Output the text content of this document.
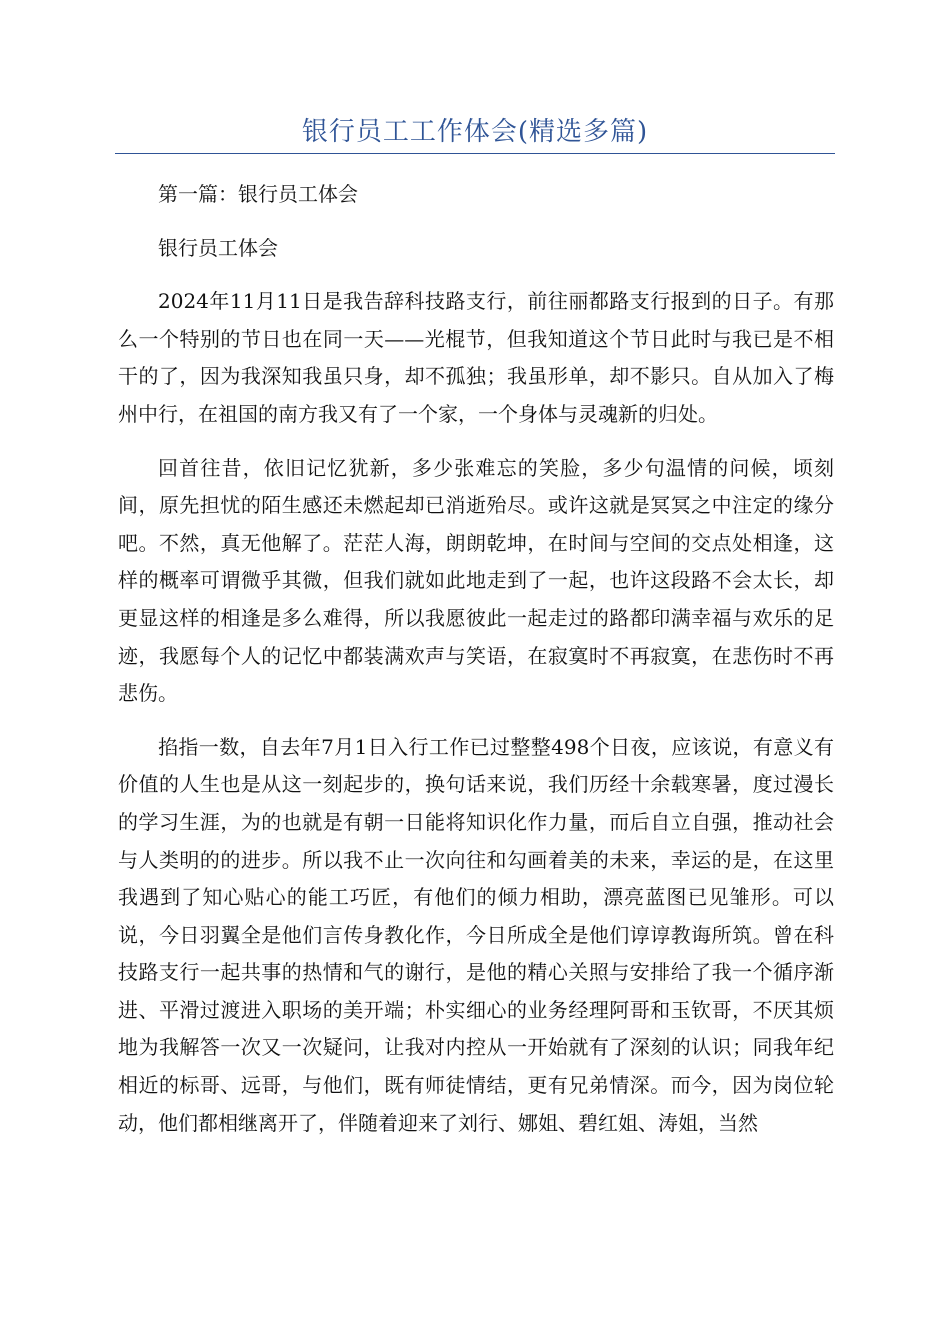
银行员工工作体会(精选多篇)

第一篇：银行员工体会

银行员工体会

2024年11月11日是我告辞科技路支行，前往丽都路支行报到的日子。有那么一个特别的节日也在同一天——光棍节，但我知道这个节日此时与我已是不相干的了，因为我深知我虽只身，却不孤独；我虽形单，却不影只。自从加入了梅州中行，在祖国的南方我又有了一个家，一个身体与灵魂新的归处。

回首往昔，依旧记忆犹新，多少张难忘的笑脸，多少句温情的问候，顷刻间，原先担忧的陌生感还未燃起却已消逝殆尽。或许这就是冥冥之中注定的缘分吧。不然，真无他解了。茫茫人海，朗朗乾坤，在时间与空间的交点处相逢，这样的概率可谓微乎其微，但我们就如此地走到了一起，也许这段路不会太长，却更显这样的相逢是多么难得，所以我愿彼此一起走过的路都印满幸福与欢乐的足迹，我愿每个人的记忆中都装满欢声与笑语，在寂寞时不再寂寞，在悲伤时不再悲伤。

掐指一数，自去年7月1日入行工作已过整整498个日夜，应该说，有意义有价值的人生也是从这一刻起步的，换句话来说，我们历经十余载寒暑，度过漫长的学习生涯，为的也就是有朝一日能将知识化作力量，而后自立自强，推动社会与人类明的的进步。所以我不止一次向往和勾画着美的未来，幸运的是，在这里我遇到了知心贴心的能工巧匠，有他们的倾力相助，漂亮蓝图已见雏形。可以说，今日羽翼全是他们言传身教化作，今日所成全是他们谆谆教诲所筑。曾在科技路支行一起共事的热情和气的谢行，是他的精心关照与安排给了我一个循序渐进、平滑过渡进入职场的美开端；朴实细心的业务经理阿哥和玉钦哥，不厌其烦地为我解答一次又一次疑问，让我对内控从一开始就有了深刻的认识；同我年纪相近的标哥、远哥，与他们，既有师徒情结，更有兄弟情深。而今，因为岗位轮动，他们都相继离开了，伴随着迎来了刘行、娜姐、碧红姐、涛姐，当然
